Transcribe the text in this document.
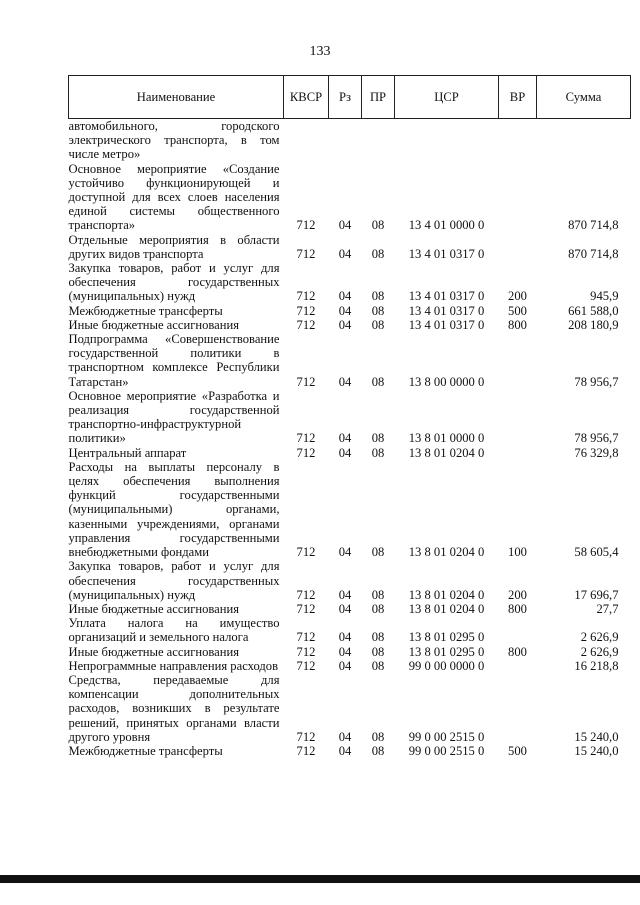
133
Наименование	КВСР	Рз	ПР	ЦСР	ВР	Сумма
автомобильного, городского электрического транспорта, в том числе метро»						
Основное мероприятие «Создание устойчиво функционирующей и доступной для всех слоев населения единой системы общественного транспорта»	712	04	08	13 4 01 0000 0		870 714,8
Отдельные мероприятия в области других видов транспорта	712	04	08	13 4 01 0317 0		870 714,8
Закупка товаров, работ и услуг для обеспечения государственных (муниципальных) нужд	712	04	08	13 4 01 0317 0	200	945,9
Межбюджетные трансферты	712	04	08	13 4 01 0317 0	500	661 588,0
Иные бюджетные ассигнования	712	04	08	13 4 01 0317 0	800	208 180,9
Подпрограмма «Совершенствование государственной политики в транспортном комплексе Республики Татарстан»	712	04	08	13 8 00 0000 0		78 956,7
Основное мероприятие «Разработка и реализация государственной транспортно-инфраструктурной политики»	712	04	08	13 8 01 0000 0		78 956,7
Центральный аппарат	712	04	08	13 8 01 0204 0		76 329,8
Расходы на выплаты персоналу в целях обеспечения выполнения функций государственными (муниципальными) органами, казенными учреждениями, органами управления государственными внебюджетными фондами	712	04	08	13 8 01 0204 0	100	58 605,4
Закупка товаров, работ и услуг для обеспечения государственных (муниципальных) нужд	712	04	08	13 8 01 0204 0	200	17 696,7
Иные бюджетные ассигнования	712	04	08	13 8 01 0204 0	800	27,7
Уплата налога на имущество организаций и земельного налога	712	04	08	13 8 01 0295 0		2 626,9
Иные бюджетные ассигнования	712	04	08	13 8 01 0295 0	800	2 626,9
Непрограммные направления расходов	712	04	08	99 0 00 0000 0		16 218,8
Средства, передаваемые для компенсации дополнительных расходов, возникших в результате решений, принятых органами власти другого уровня	712	04	08	99 0 00 2515 0		15 240,0
Межбюджетные трансферты	712	04	08	99 0 00 2515 0	500	15 240,0
